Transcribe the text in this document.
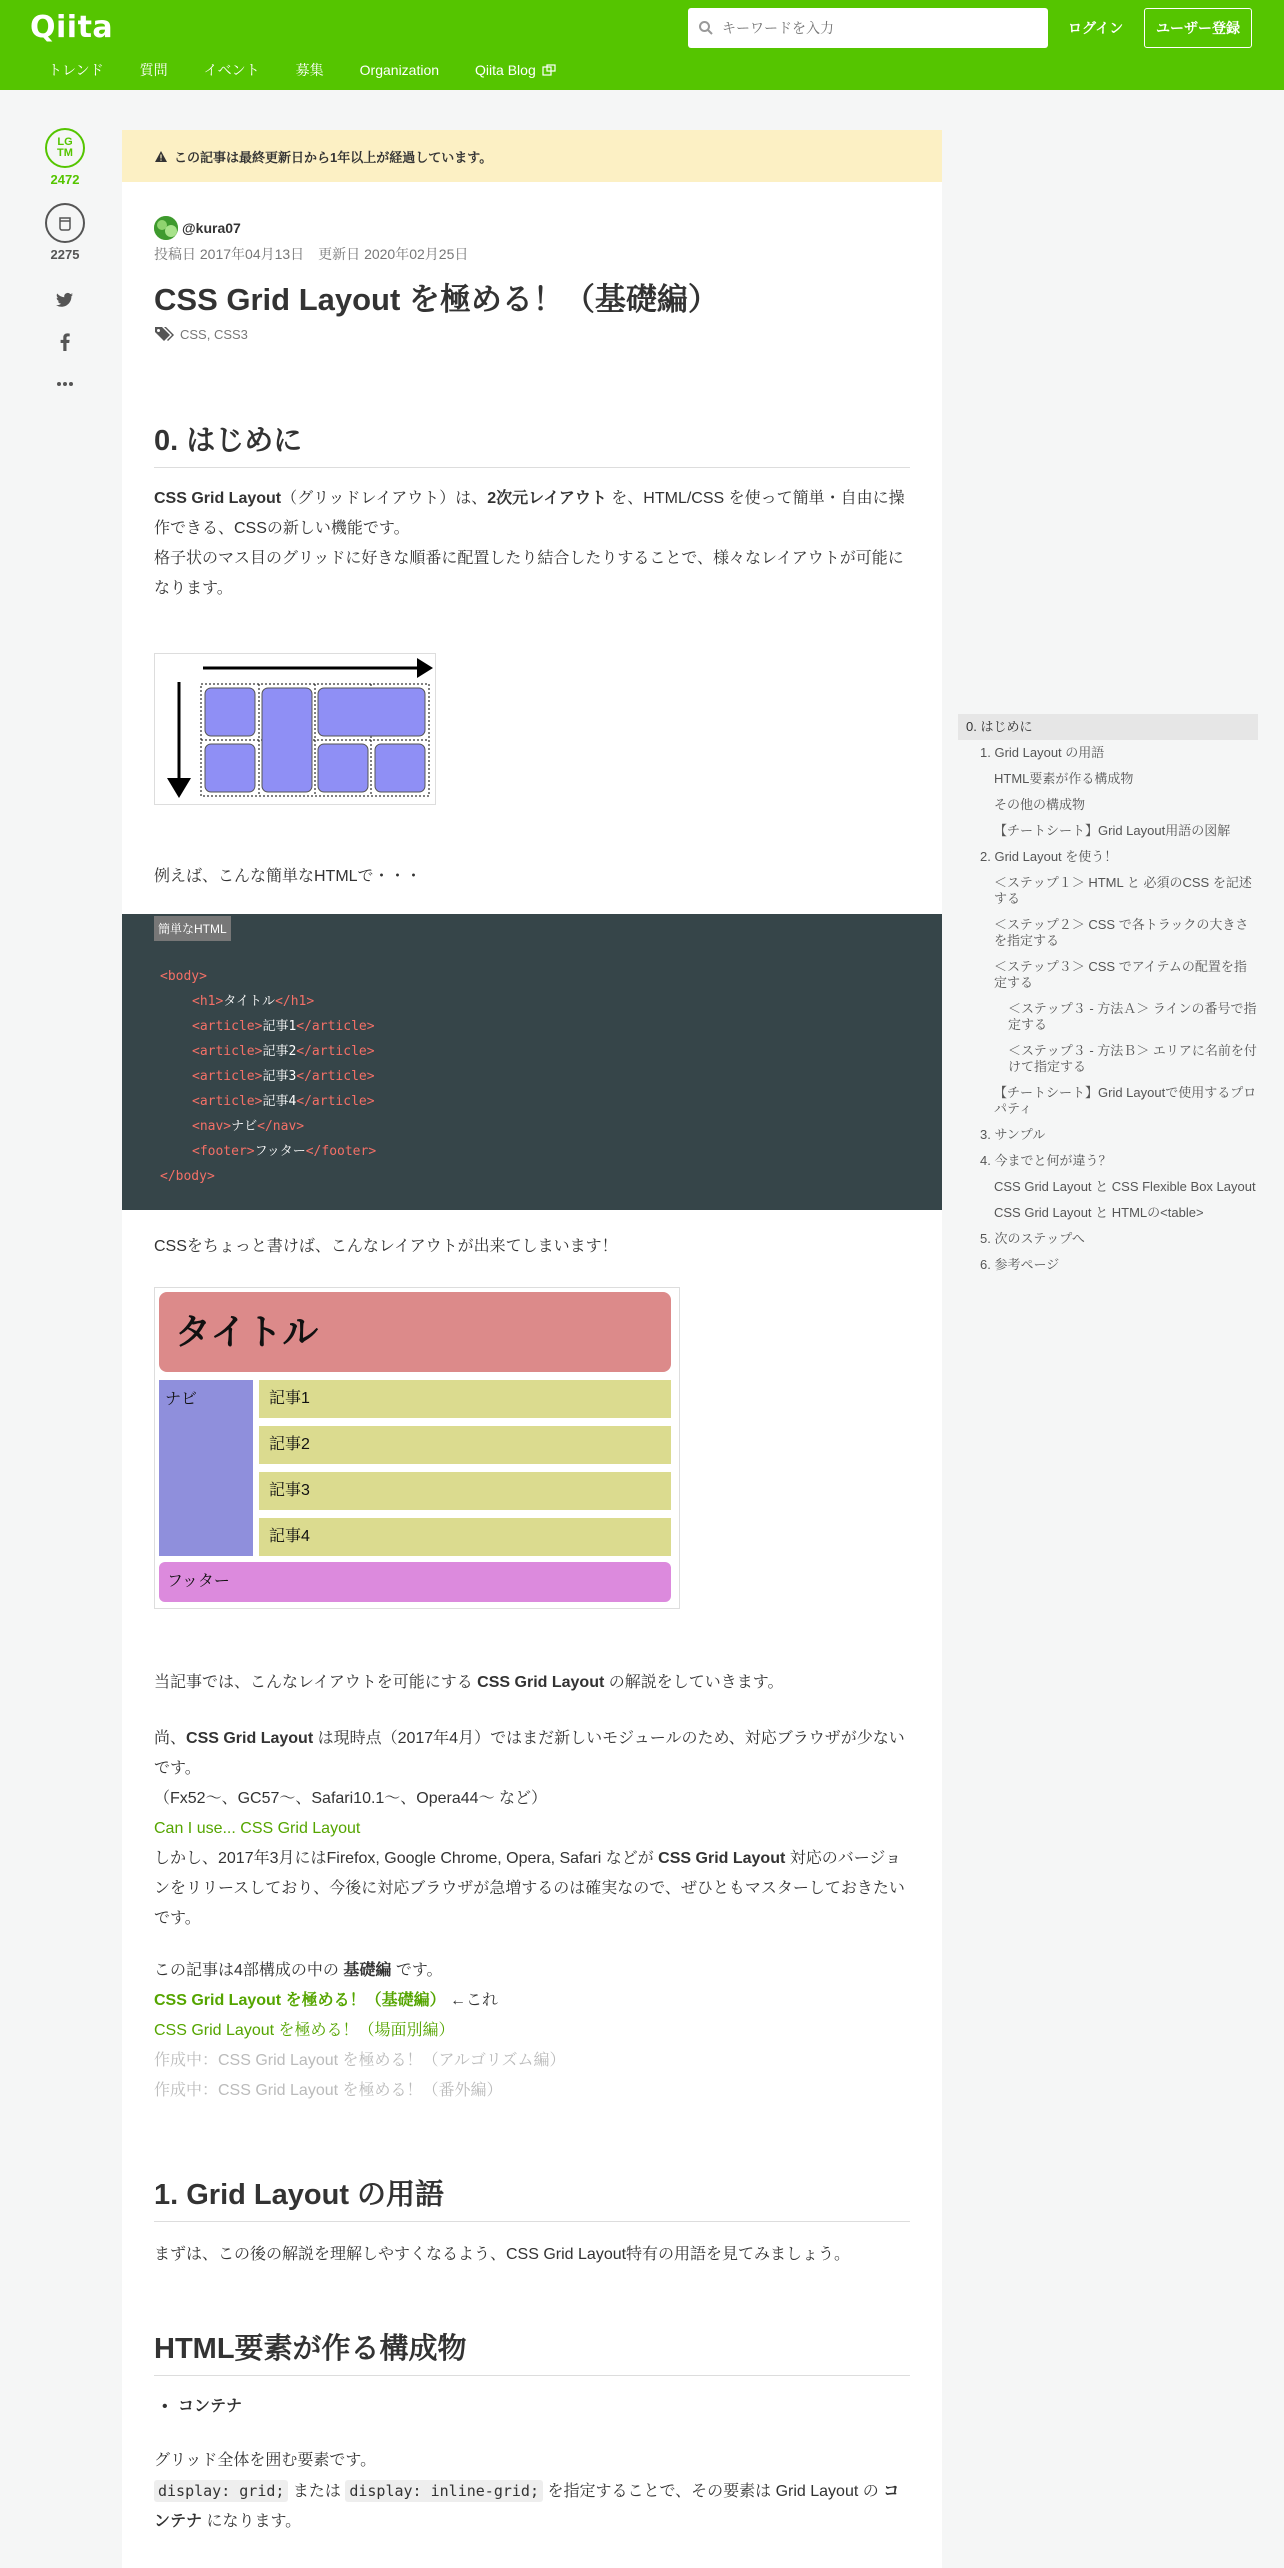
Qiita
キーワードを入力	ログイン	ユーザー登録
トレンド	質問	イベント	募集	Organization	Qiita Blog
LG TM
2472
2275
この記事は最終更新日から1年以上が経過しています。
@kura07
投稿日 2017年04月13日　更新日 2020年02月25日
CSS Grid Layout を極める！（基礎編）
CSS, CSS3
0. はじめに
CSS Grid Layout（グリッドレイアウト）は、2次元レイアウト を、HTML/CSS を使って簡単・自由に操作できる、CSSの新しい機能です。
格子状のマス目のグリッドに好きな順番に配置したり結合したりすることで、様々なレイアウトが可能になります。
例えば、こんな簡単なHTMLで・・・
簡単なHTML
<body>
<h1>タイトル</h1>
<article>記事1</article>
<article>記事2</article>
<article>記事3</article>
<article>記事4</article>
<nav>ナビ</nav>
<footer>フッター</footer>
</body>
CSSをちょっと書けば、こんなレイアウトが出来てしまいます！
タイトル
ナビ	記事1
記事2
記事3
記事4
フッター
当記事では、こんなレイアウトを可能にする CSS Grid Layout の解説をしていきます。
尚、CSS Grid Layout は現時点（2017年4月）ではまだ新しいモジュールのため、対応ブラウザが少ないです。
（Fx52～、GC57～、Safari10.1～、Opera44～ など）
Can I use... CSS Grid Layout
しかし、2017年3月にはFirefox, Google Chrome, Opera, Safari などが CSS Grid Layout 対応のバージョンをリリースしており、今後に対応ブラウザが急増するのは確実なので、ぜひともマスターしておきたいです。
この記事は4部構成の中の 基礎編 です。
CSS Grid Layout を極める！（基礎編） ←これ
CSS Grid Layout を極める！（場面別編）
作成中：CSS Grid Layout を極める！（アルゴリズム編）
作成中：CSS Grid Layout を極める！（番外編）
1. Grid Layout の用語
まずは、この後の解説を理解しやすくなるよう、CSS Grid Layout特有の用語を見てみましょう。
HTML要素が作る構成物
• コンテナ
グリッド全体を囲む要素です。
display: grid; または display: inline-grid; を指定することで、その要素は Grid Layout の コンテナ になります。
0. はじめに
1. Grid Layout の用語
HTML要素が作る構成物
その他の構成物
【チートシート】Grid Layout用語の図解
2. Grid Layout を使う！
＜ステップ１＞ HTML と 必須のCSS を記述する
＜ステップ２＞ CSS で各トラックの大きさを指定する
＜ステップ３＞ CSS でアイテムの配置を指定する
＜ステップ３ - 方法Ａ＞ ラインの番号で指定する
＜ステップ３ - 方法Ｂ＞ エリアに名前を付けて指定する
【チートシート】Grid Layoutで使用するプロパティ
3. サンプル
4. 今までと何が違う？
CSS Grid Layout と CSS Flexible Box Layout
CSS Grid Layout と HTMLの<table>
5. 次のステップへ
6. 参考ページ
